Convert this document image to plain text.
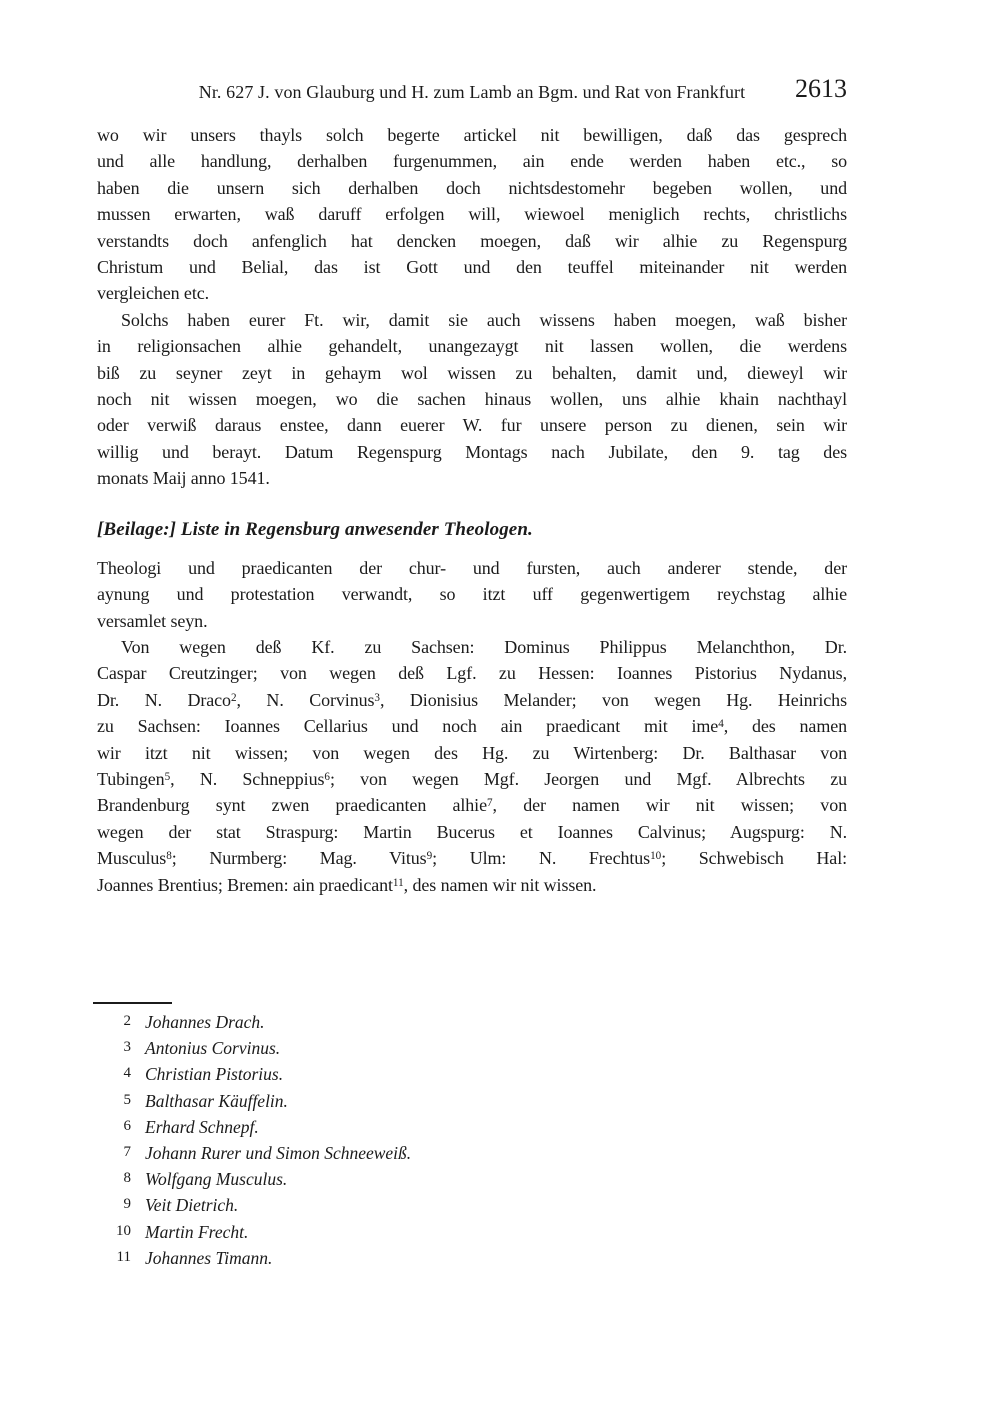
Nr. 627 J. von Glauburg und H. zum Lamb an Bgm. und Rat von Frankfurt	2613
wo wir unsers thayls solch begerte artickel nit bewilligen, daß das gesprech
und alle handlung, derhalben furgenummen, ain ende werden haben etc., so
haben die unsern sich derhalben doch nichtsdestomehr begeben wollen, und
mussen erwarten, waß daruff erfolgen will, wiewoel meniglich rechts, christlichs
verstandts doch anfenglich hat dencken moegen, daß wir alhie zu Regenspurg
Christum und Belial, das ist Gott und den teuffel miteinander nit werden
vergleichen etc.
Solchs haben eurer Ft. wir, damit sie auch wissens haben moegen, waß bisher
in religionsachen alhie gehandelt, unangezaygt nit lassen wollen, die werdens
biß zu seyner zeyt in gehaym wol wissen zu behalten, damit und, dieweyl wir
noch nit wissen moegen, wo die sachen hinaus wollen, uns alhie khain nachthayl
oder verwiß daraus enstee, dann euerer W. fur unsere person zu dienen, sein wir
willig und berayt. Datum Regenspurg Montags nach Jubilate, den 9. tag des
monats Maij anno 1541.
[Beilage:] Liste in Regensburg anwesender Theologen.
Theologi und praedicanten der chur- und fursten, auch anderer stende, der
aynung und protestation verwandt, so itzt uff gegenwertigem reychstag alhie
versamlet seyn.
Von wegen deß Kf. zu Sachsen: Dominus Philippus Melanchthon, Dr.
Caspar Creutzinger; von wegen deß Lgf. zu Hessen: Ioannes Pistorius Nydanus,
Dr. N. Draco$^2$, N. Corvinus$^3$, Dionisius Melander; von wegen Hg. Heinrichs
zu Sachsen: Ioannes Cellarius und noch ain praedicant mit ime$^4$, des namen
wir itzt nit wissen; von wegen des Hg. zu Wirtenberg: Dr. Balthasar von
Tubingen$^5$, N. Schneppius$^6$; von wegen Mgf. Jeorgen und Mgf. Albrechts zu
Brandenburg synt zwen praedicanten alhie$^7$, der namen wir nit wissen; von
wegen der stat Straspurg: Martin Bucerus et Ioannes Calvinus; Augspurg: N.
Musculus$^8$; Nurmberg: Mag. Vitus$^9$; Ulm: N. Frechtus$^{10}$; Schwebisch Hal:
Joannes Brentius; Bremen: ain praedicant$^{11}$, des namen wir nit wissen.
2 Johannes Drach.
3 Antonius Corvinus.
4 Christian Pistorius.
5 Balthasar Käuffelin.
6 Erhard Schnepf.
7 Johann Rurer und Simon Schneeweiß.
8 Wolfgang Musculus.
9 Veit Dietrich.
10 Martin Frecht.
11 Johannes Timann.
